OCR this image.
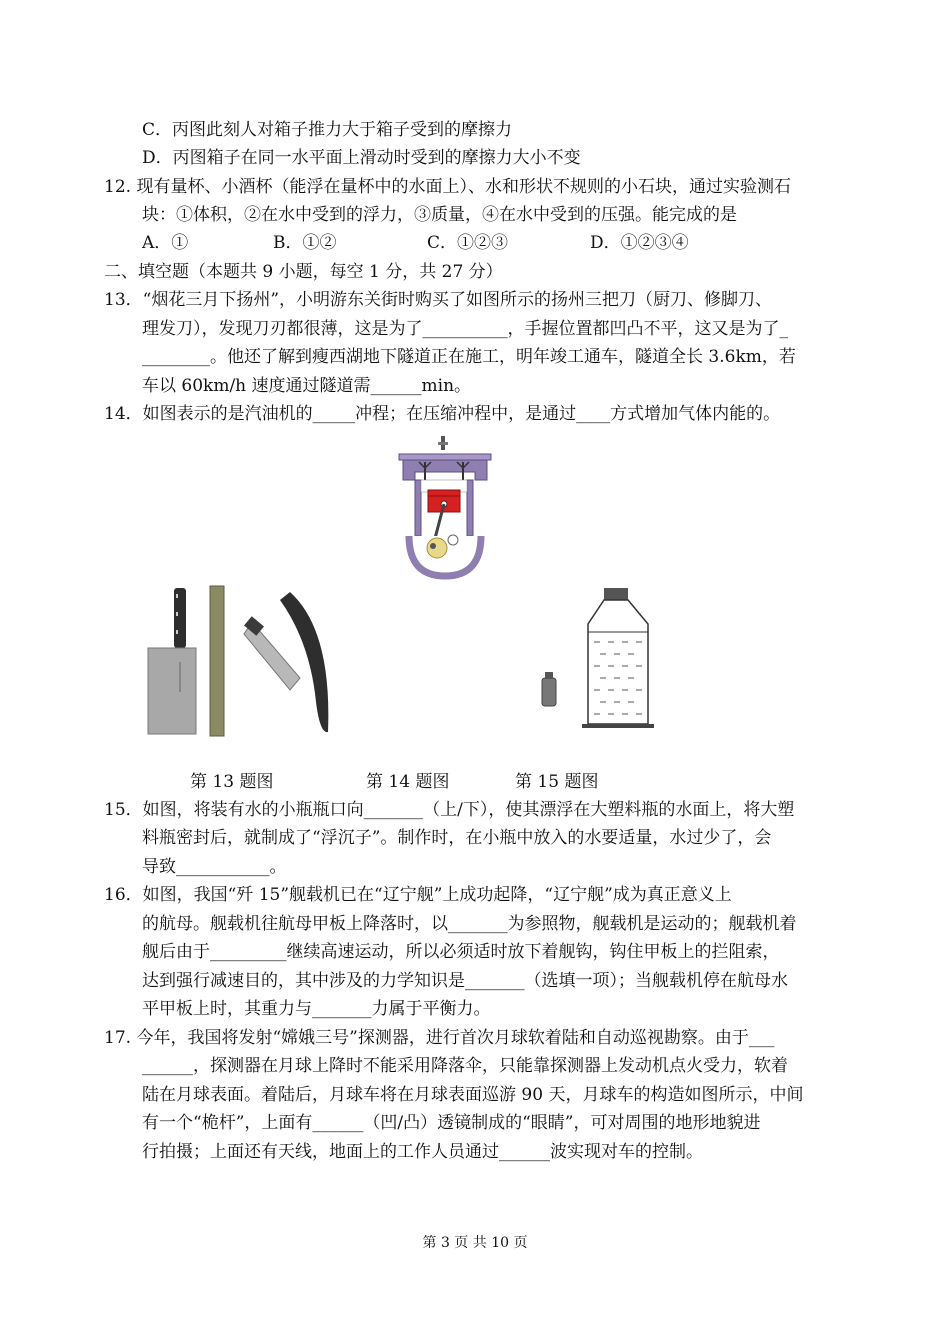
C．丙图此刻人对箱子推力大于箱子受到的摩擦力
D．丙图箱子在同一水平面上滑动时受到的摩擦力大小不变
12. 现有量杯、小酒杯（能浮在量杯中的水面上）、水和形状不规则的小石块，通过实验测石
块：①体积，②在水中受到的浮力，③质量，④在水中受到的压强。能完成的是
A．①	B．①②	C．①②③	D．①②③④
二、填空题（本题共 9 小题，每空 1 分，共 27 分）
13．“烟花三月下扬州”，小明游东关街时购买了如图所示的扬州三把刀（厨刀、修脚刀、
理发刀），发现刀刃都很薄，这是为了__________，手握位置都凹凸不平，这又是为了_
________。他还了解到瘦西湖地下隧道正在施工，明年竣工通车，隧道全长 3.6km，若
车以 60km/h 速度通过隧道需______min。
14．如图表示的是汽油机的_____冲程；在压缩冲程中，是通过____方式增加气体内能的。
第 13 题图	第 14 题图	第 15 题图
15．如图，将装有水的小瓶瓶口向_______（上/下），使其漂浮在大塑料瓶的水面上，将大塑
料瓶密封后，就制成了“浮沉子”。制作时，在小瓶中放入的水要适量，水过少了，会
导致___________。
16．如图，我国“歼 15”舰载机已在“辽宁舰”上成功起降，“辽宁舰”成为真正意义上
的航母。舰载机往航母甲板上降落时，以_______为参照物，舰载机是运动的；舰载机着
舰后由于_________继续高速运动，所以必须适时放下着舰钩，钩住甲板上的拦阻索，
达到强行减速目的，其中涉及的力学知识是_______（选填一项）；当舰载机停在航母水
平甲板上时，其重力与_______力属于平衡力。
17. 今年，我国将发射“嫦娥三号”探测器，进行首次月球软着陆和自动巡视勘察。由于___
______，探测器在月球上降时不能采用降落伞，只能靠探测器上发动机点火受力，软着
陆在月球表面。着陆后，月球车将在月球表面巡游 90 天，月球车的构造如图所示，中间
有一个“桅杆”，上面有______（凹/凸）透镜制成的“眼睛”，可对周围的地形地貌进
行拍摄；上面还有天线，地面上的工作人员通过______波实现对车的控制。
第 3 页 共 10 页
